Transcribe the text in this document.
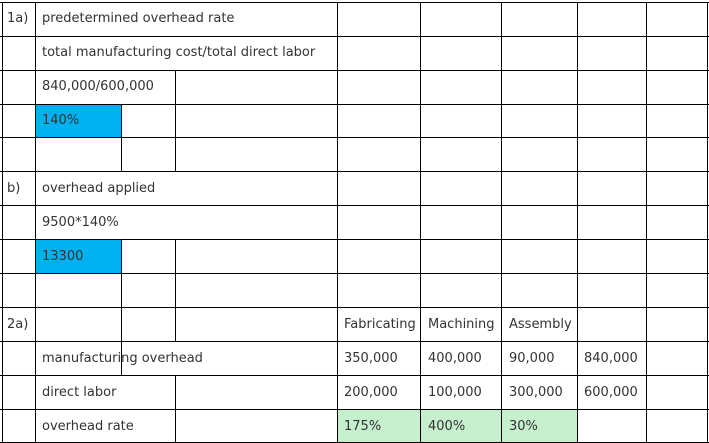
1a) predetermined overhead rate
total manufacturing cost/total direct labor
840,000/600,000
140%
b) overhead applied
9500*140%
13300
2a)	Fabricating Machining Assembly
manufacturing overhead	350,000 400,000 90,000 840,000
direct labor	200,000 100,000 300,000 600,000
overhead rate	175%	400%	30%
